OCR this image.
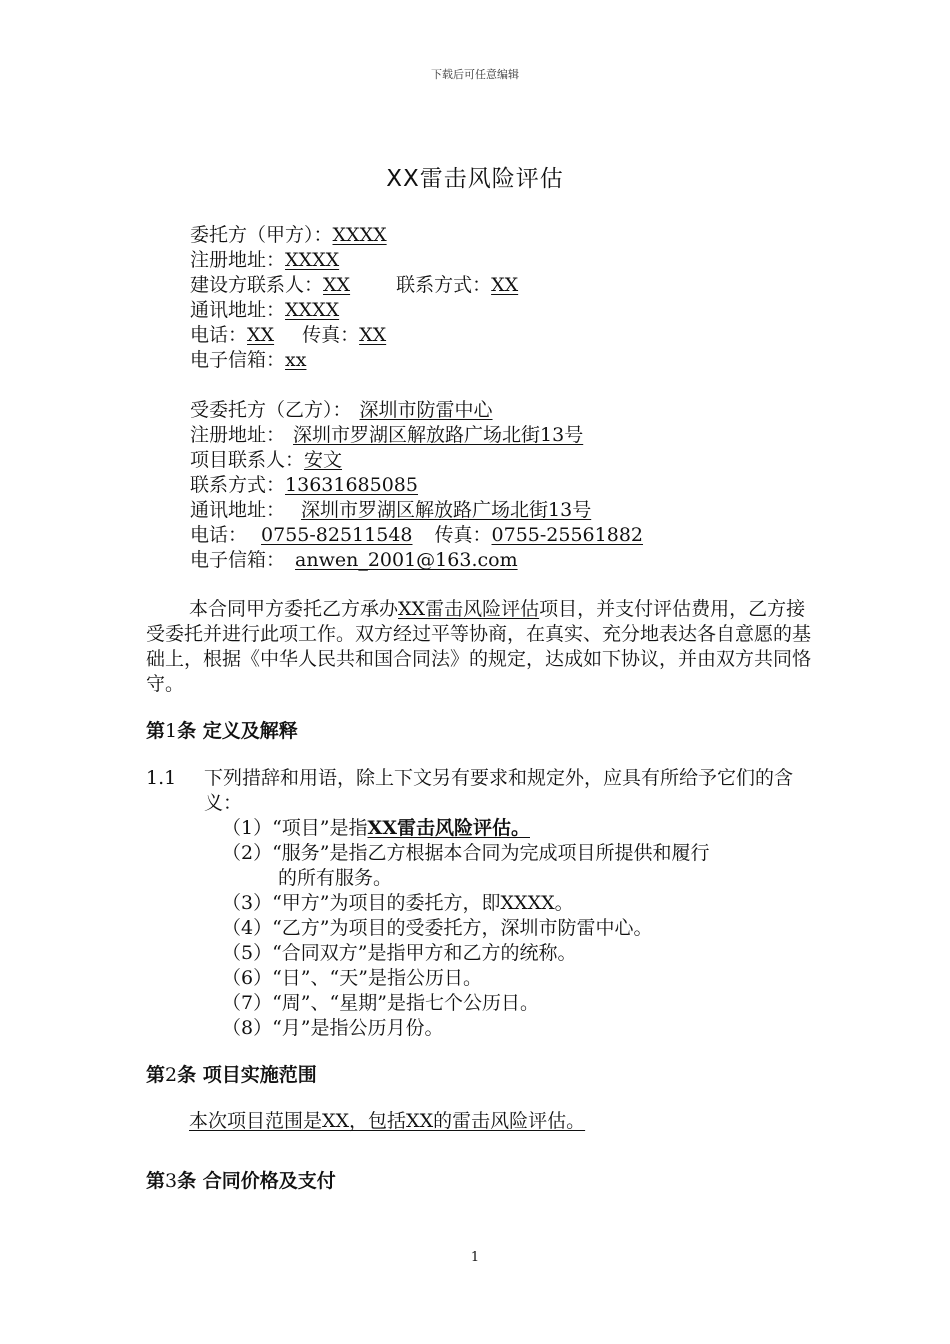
下载后可任意编辑
XX雷击风险评估
委托方（甲方）：XXXX
注册地址：XXXX
建设方联系人：XX 联系方式：XX
通讯地址：XXXX
电话：XX 传真：XX
电子信箱：xx
受委托方（乙方）： 深圳市防雷中心
注册地址： 深圳市罗湖区解放路广场北街13号
项目联系人：安文
联系方式：13631685085
通讯地址： 深圳市罗湖区解放路广场北街13号
电话： 0755-82511548 传真：0755-25561882
电子信箱： anwen_2001@163.com
本合同甲方委托乙方承办XX雷击风险评估项目，并支付评估费用，乙方接受委托并进行此项工作。双方经过平等协商，在真实、充分地表达各自意愿的基础上，根据《中华人民共和国合同法》的规定，达成如下协议，并由双方共同恪守。
第1条 定义及解释
1.1 下列措辞和用语，除上下文另有要求和规定外，应具有所给予它们的含义：
（1）“项目”是指XX雷击风险评估。
（2）“服务”是指乙方根据本合同为完成项目所提供和履行
的所有服务。
（3）“甲方”为项目的委托方，即XXXX。
（4）“乙方”为项目的受委托方，深圳市防雷中心。
（5）“合同双方”是指甲方和乙方的统称。
（6）“日”、“天”是指公历日。
（7）“周”、“星期”是指七个公历日。
（8）“月”是指公历月份。
第2条 项目实施范围
本次项目范围是XX，包括XX的雷击风险评估。
第3条 合同价格及支付
1
